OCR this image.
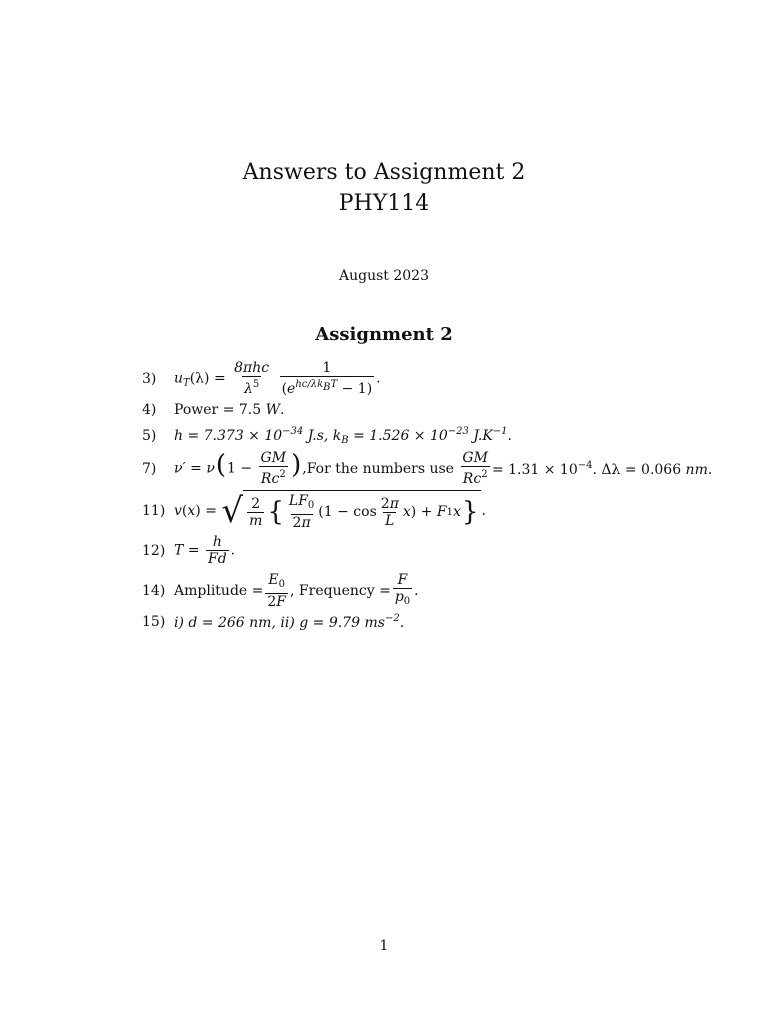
Answers to Assignment 2
PHY114
August 2023
Assignment 2
3)	$u_T(\lambda) = \frac{\text{8πhc}}{\lambda^5}$
$\frac{1}{(e^{hc/\lambda k_BT} - 1)}$ .
4)	Power = 7.5
W .
5)	$h = 7.373 \times 10^{-34}$ J.s, $k_B = 1.526 \times 10^{-23}$ $J.K^{-1}$.
7)	$\nu' = \nu(1 - \frac{GM}{Rc^2}$ ), For the numbers use
$\frac{GM}{Rc^2} = 1.31 \times 10^{-4}$. Δλ = 0.066 nm.
11) v ( x ) =
√ $\frac{2}{m}$ { $\frac{LF_0}{2\pi} (1 - \cos \frac{2\pi}{L}$ x ) + F 1 x } .
12) $T = \frac{h}{Fd}$ .
14) Amplitude = $\frac{E_0}{2F}$ , Frequency = $\frac{F}{p_0}$ .
15) i) d = 266 nm, ii) g = 9.79 $ms^{-2}$.
1
